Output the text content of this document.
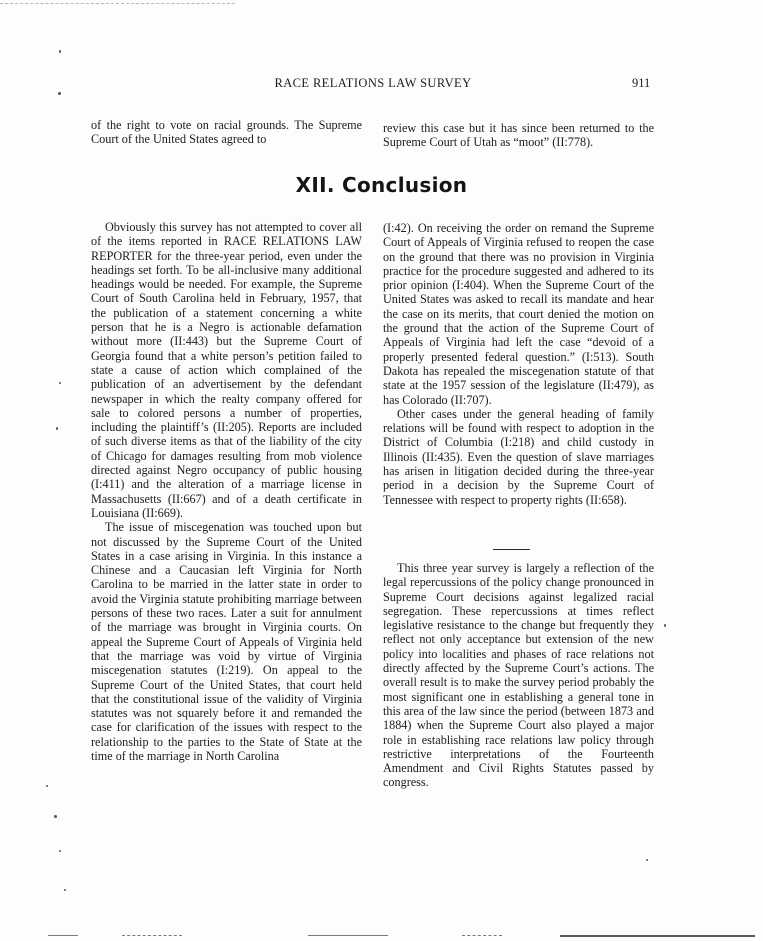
RACE RELATIONS LAW SURVEY	911

of the right to vote on racial grounds. The Supreme Court of the United States agreed to

review this case but it has since been returned to the Supreme Court of Utah as “moot” (II:778).

XII. Conclusion

Obviously this survey has not attempted to cover all of the items reported in RACE RELATIONS LAW REPORTER for the three-year period, even under the headings set forth. To be all-inclusive many additional headings would be needed. For example, the Supreme Court of South Carolina held in February, 1957, that the publication of a statement concerning a white person that he is a Negro is actionable defamation without more (II:443) but the Supreme Court of Georgia found that a white person’s petition failed to state a cause of action which complained of the publication of an advertisement by the defendant newspaper in which the realty company offered for sale to colored persons a number of properties, including the plaintiff’s (II:205). Reports are included of such diverse items as that of the liability of the city of Chicago for damages resulting from mob violence directed against Negro occupancy of public housing (I:411) and the alteration of a marriage license in Massachusetts (II:667) and of a death certificate in Louisiana (II:669).

The issue of miscegenation was touched upon but not discussed by the Supreme Court of the United States in a case arising in Virginia. In this instance a Chinese and a Caucasian left Virginia for North Carolina to be married in the latter state in order to avoid the Virginia statute prohibiting marriage between persons of these two races. Later a suit for annulment of the marriage was brought in Virginia courts. On appeal the Supreme Court of Appeals of Virginia held that the marriage was void by virtue of Virginia miscegenation statutes (I:219). On appeal to the Supreme Court of the United States, that court held that the constitutional issue of the validity of Virginia statutes was not squarely before it and remanded the case for clarification of the issues with respect to the relationship to the parties to the State of State at the time of the marriage in North Carolina

(I:42). On receiving the order on remand the Supreme Court of Appeals of Virginia refused to reopen the case on the ground that there was no provision in Virginia practice for the procedure suggested and adhered to its prior opinion (I:404). When the Supreme Court of the United States was asked to recall its mandate and hear the case on its merits, that court denied the motion on the ground that the action of the Supreme Court of Appeals of Virginia had left the case “devoid of a properly presented federal question.” (I:513). South Dakota has repealed the miscegenation statute of that state at the 1957 session of the legislature (II:479), as has Colorado (II:707).

Other cases under the general heading of family relations will be found with respect to adoption in the District of Columbia (I:218) and child custody in Illinois (II:435). Even the question of slave marriages has arisen in litigation decided during the three-year period in a decision by the Supreme Court of Tennessee with respect to property rights (II:658).

This three year survey is largely a reflection of the legal repercussions of the policy change pronounced in Supreme Court decisions against legalized racial segregation. These repercussions at times reflect legislative resistance to the change but frequently they reflect not only acceptance but extension of the new policy into localities and phases of race relations not directly affected by the Supreme Court’s actions. The overall result is to make the survey period probably the most significant one in establishing a general tone in this area of the law since the period (between 1873 and 1884) when the Supreme Court also played a major role in establishing race relations law policy through restrictive interpretations of the Fourteenth Amendment and Civil Rights Statutes passed by congress.
